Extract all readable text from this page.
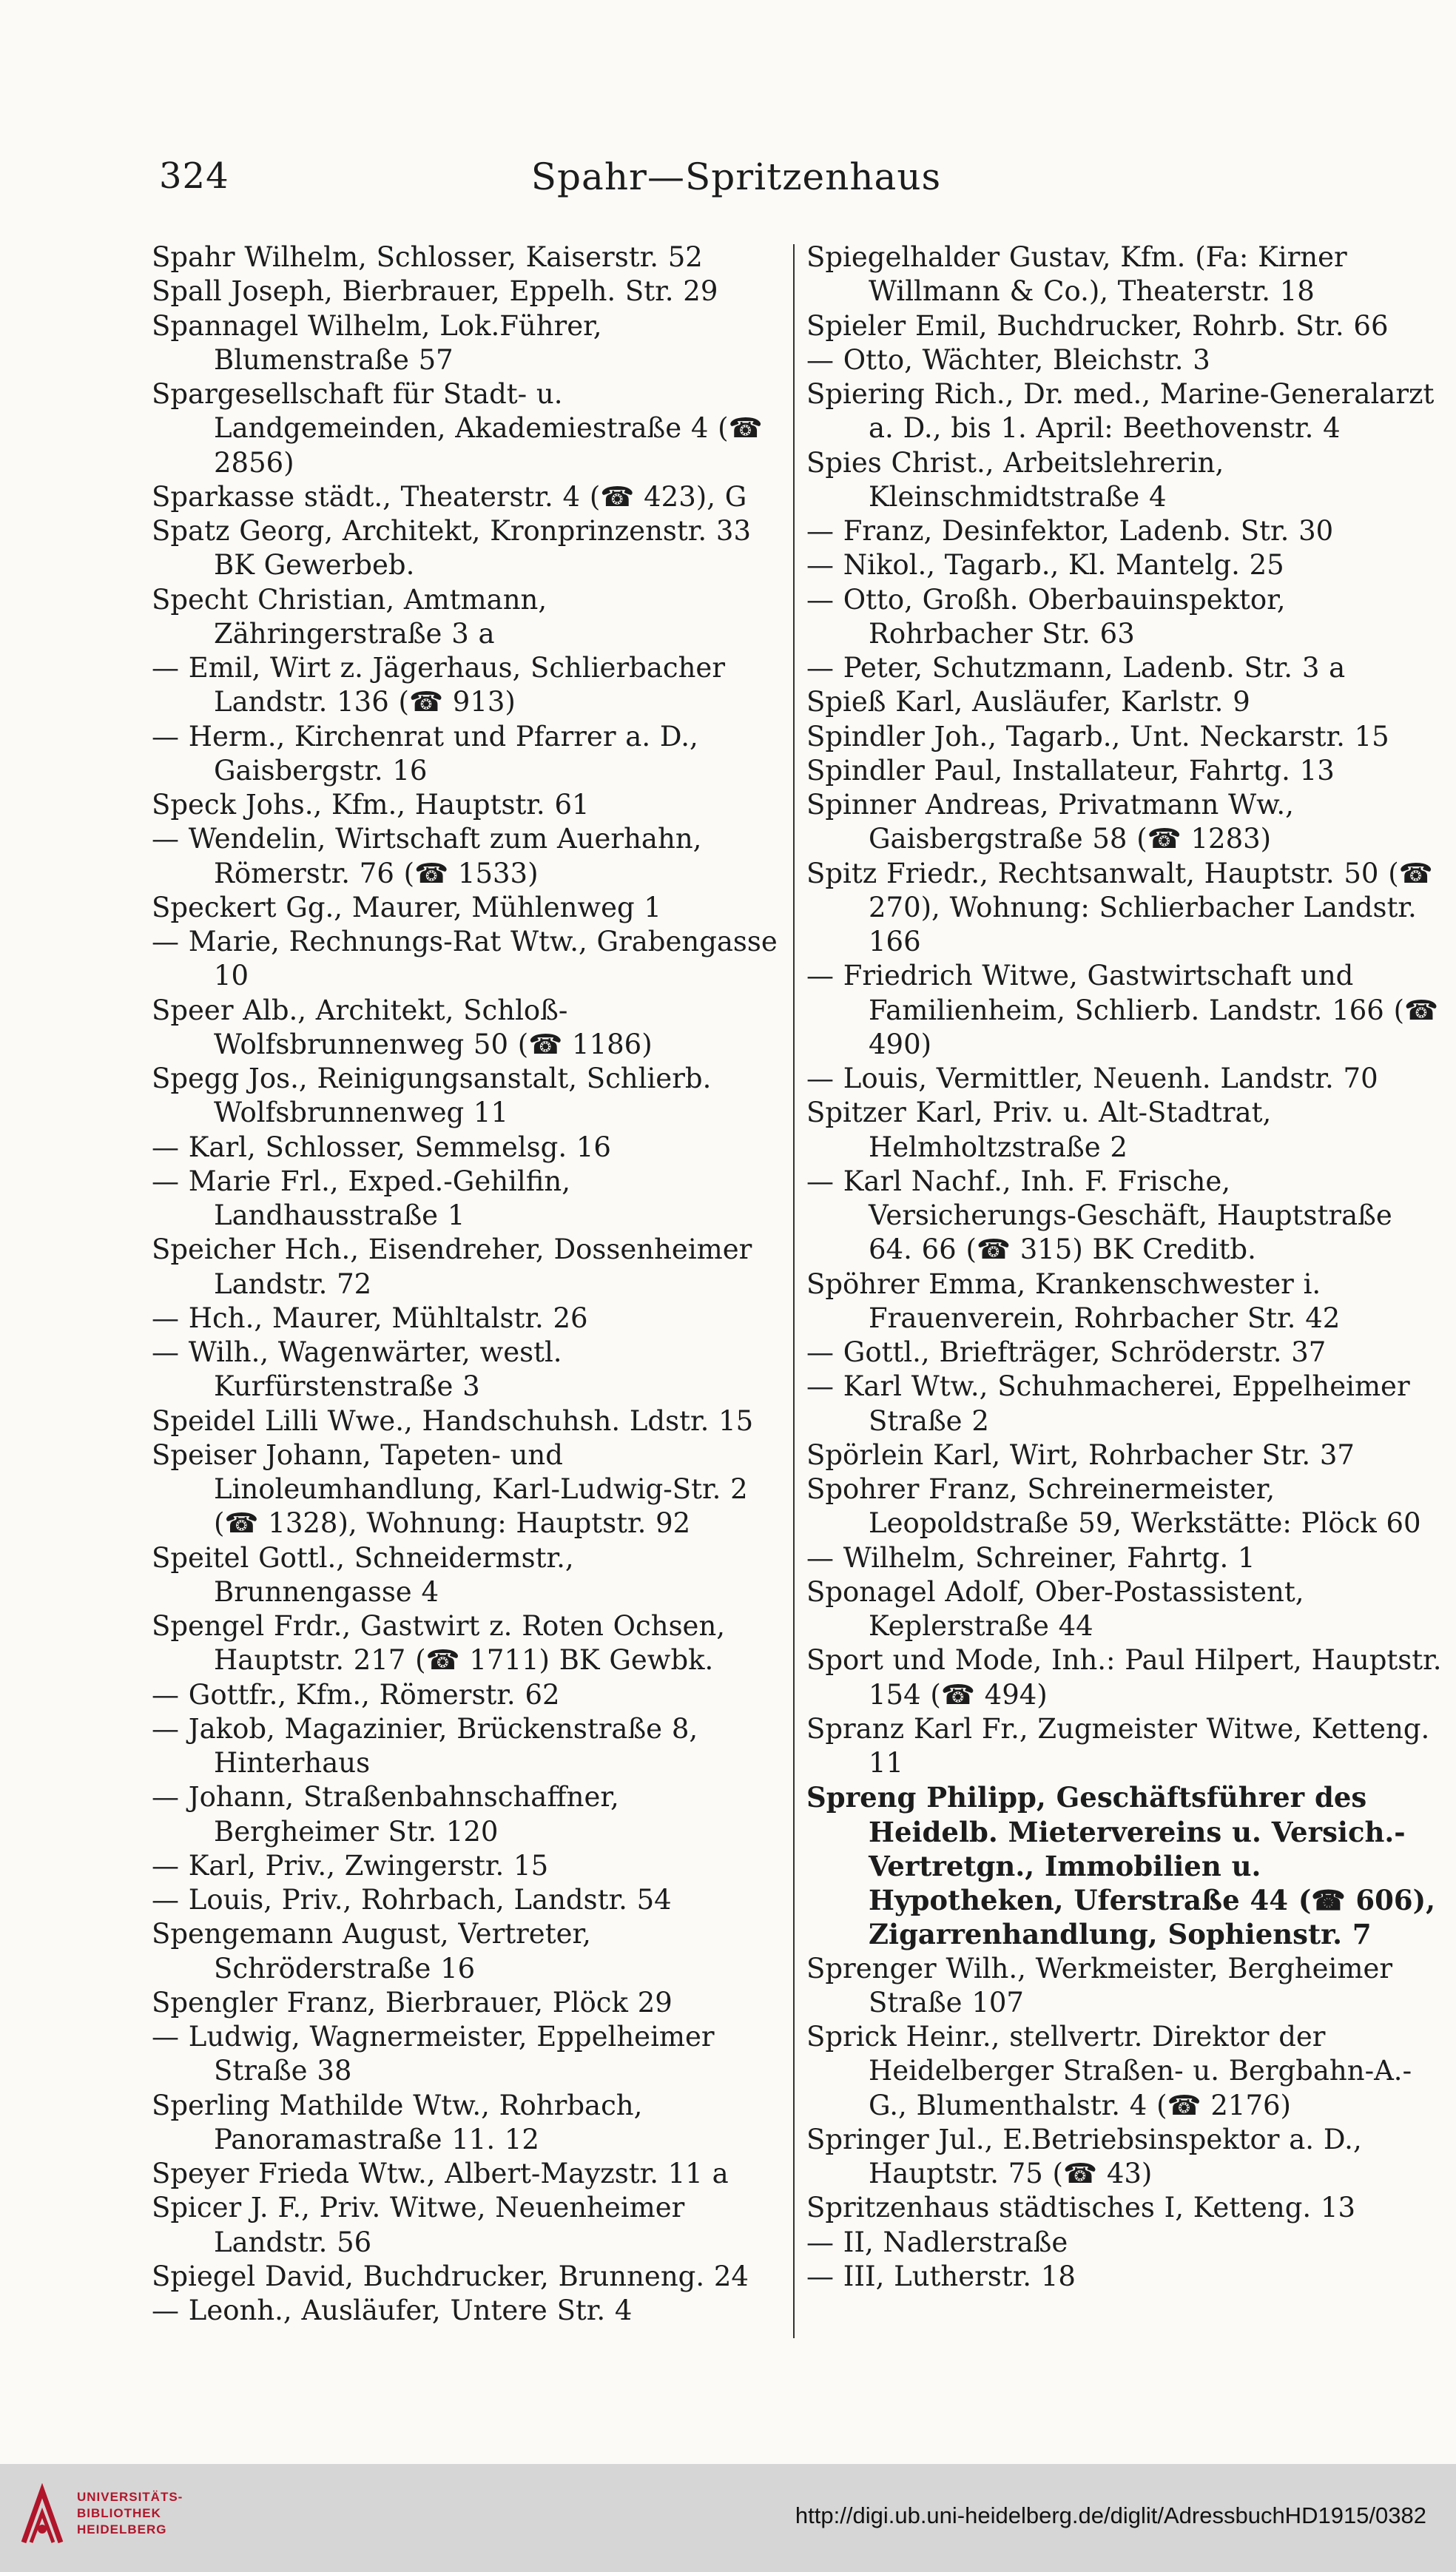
324	Spahr—Spritzenhaus

Spahr Wilhelm, Schlosser, Kaiserstr. 52

Spall Joseph, Bierbrauer, Eppelh. Str. 29

Spannagel Wilhelm, Lok.Führer, Blumenstraße 57

Spargesellschaft für Stadt- u. Landgemeinden, Akademiestraße 4 (☎ 2856)

Sparkasse städt., Theaterstr. 4 (☎ 423), G

Spatz Georg, Architekt, Kronprinzenstr. 33 BK Gewerbeb.

Specht Christian, Amtmann, Zähringerstraße 3 a

— Emil, Wirt z. Jägerhaus, Schlierbacher Landstr. 136 (☎ 913)

— Herm., Kirchenrat und Pfarrer a. D., Gaisbergstr. 16

Speck Johs., Kfm., Hauptstr. 61

— Wendelin, Wirtschaft zum Auerhahn, Römerstr. 76 (☎ 1533)

Speckert Gg., Maurer, Mühlenweg 1

— Marie, Rechnungs-Rat Wtw., Grabengasse 10

Speer Alb., Architekt, Schloß-Wolfsbrunnenweg 50 (☎ 1186)

Spegg Jos., Reinigungsanstalt, Schlierb. Wolfsbrunnenweg 11

— Karl, Schlosser, Semmelsg. 16

— Marie Frl., Exped.-Gehilfin, Landhausstraße 1

Speicher Hch., Eisendreher, Dossenheimer Landstr. 72

— Hch., Maurer, Mühltalstr. 26

— Wilh., Wagenwärter, westl. Kurfürstenstraße 3

Speidel Lilli Wwe., Handschuhsh. Ldstr. 15

Speiser Johann, Tapeten- und Linoleumhandlung, Karl-Ludwig-Str. 2 (☎ 1328), Wohnung: Hauptstr. 92

Speitel Gottl., Schneidermstr., Brunnengasse 4

Spengel Frdr., Gastwirt z. Roten Ochsen, Hauptstr. 217 (☎ 1711) BK Gewbk.

— Gottfr., Kfm., Römerstr. 62

— Jakob, Magazinier, Brückenstraße 8, Hinterhaus

— Johann, Straßenbahnschaffner, Bergheimer Str. 120

— Karl, Priv., Zwingerstr. 15

— Louis, Priv., Rohrbach, Landstr. 54

Spengemann August, Vertreter, Schröderstraße 16

Spengler Franz, Bierbrauer, Plöck 29

— Ludwig, Wagnermeister, Eppelheimer Straße 38

Sperling Mathilde Wtw., Rohrbach, Panoramastraße 11. 12

Speyer Frieda Wtw., Albert-Mayzstr. 11 a

Spicer J. F., Priv. Witwe, Neuenheimer Landstr. 56

Spiegel David, Buchdrucker, Brunneng. 24

— Leonh., Ausläufer, Untere Str. 4

Spiegelhalder Gustav, Kfm. (Fa: Kirner Willmann & Co.), Theaterstr. 18

Spieler Emil, Buchdrucker, Rohrb. Str. 66

— Otto, Wächter, Bleichstr. 3

Spiering Rich., Dr. med., Marine-Generalarzt a. D., bis 1. April: Beethovenstr. 4

Spies Christ., Arbeitslehrerin, Kleinschmidtstraße 4

— Franz, Desinfektor, Ladenb. Str. 30

— Nikol., Tagarb., Kl. Mantelg. 25

— Otto, Großh. Oberbauinspektor, Rohrbacher Str. 63

— Peter, Schutzmann, Ladenb. Str. 3 a

Spieß Karl, Ausläufer, Karlstr. 9

Spindler Joh., Tagarb., Unt. Neckarstr. 15

Spindler Paul, Installateur, Fahrtg. 13

Spinner Andreas, Privatmann Ww., Gaisbergstraße 58 (☎ 1283)

Spitz Friedr., Rechtsanwalt, Hauptstr. 50 (☎ 270), Wohnung: Schlierbacher Landstr. 166

— Friedrich Witwe, Gastwirtschaft und Familienheim, Schlierb. Landstr. 166 (☎ 490)

— Louis, Vermittler, Neuenh. Landstr. 70

Spitzer Karl, Priv. u. Alt-Stadtrat, Helmholtzstraße 2

— Karl Nachf., Inh. F. Frische, Versicherungs-Geschäft, Hauptstraße 64. 66 (☎ 315) BK Creditb.

Spöhrer Emma, Krankenschwester i. Frauenverein, Rohrbacher Str. 42

— Gottl., Briefträger, Schröderstr. 37

— Karl Wtw., Schuhmacherei, Eppelheimer Straße 2

Spörlein Karl, Wirt, Rohrbacher Str. 37

Spohrer Franz, Schreinermeister, Leopoldstraße 59, Werkstätte: Plöck 60

— Wilhelm, Schreiner, Fahrtg. 1

Sponagel Adolf, Ober-Postassistent, Keplerstraße 44

Sport und Mode, Inh.: Paul Hilpert, Hauptstr. 154 (☎ 494)

Spranz Karl Fr., Zugmeister Witwe, Ketteng. 11

Spreng Philipp, Geschäftsführer des Heidelb. Mietervereins u. Versich.-Vertretgn., Immobilien u. Hypotheken, Uferstraße 44 (☎ 606), Zigarrenhandlung, Sophienstr. 7

Sprenger Wilh., Werkmeister, Bergheimer Straße 107

Sprick Heinr., stellvertr. Direktor der Heidelberger Straßen- u. Bergbahn-A.-G., Blumenthalstr. 4 (☎ 2176)

Springer Jul., E.Betriebsinspektor a. D., Hauptstr. 75 (☎ 43)

Spritzenhaus städtisches I, Ketteng. 13

— II, Nadlerstraße

— III, Lutherstr. 18

UNIVERSITÄTS-
BIBLIOTHEK
HEIDELBERG
http://digi.ub.uni-heidelberg.de/diglit/AdressbuchHD1915/0382
